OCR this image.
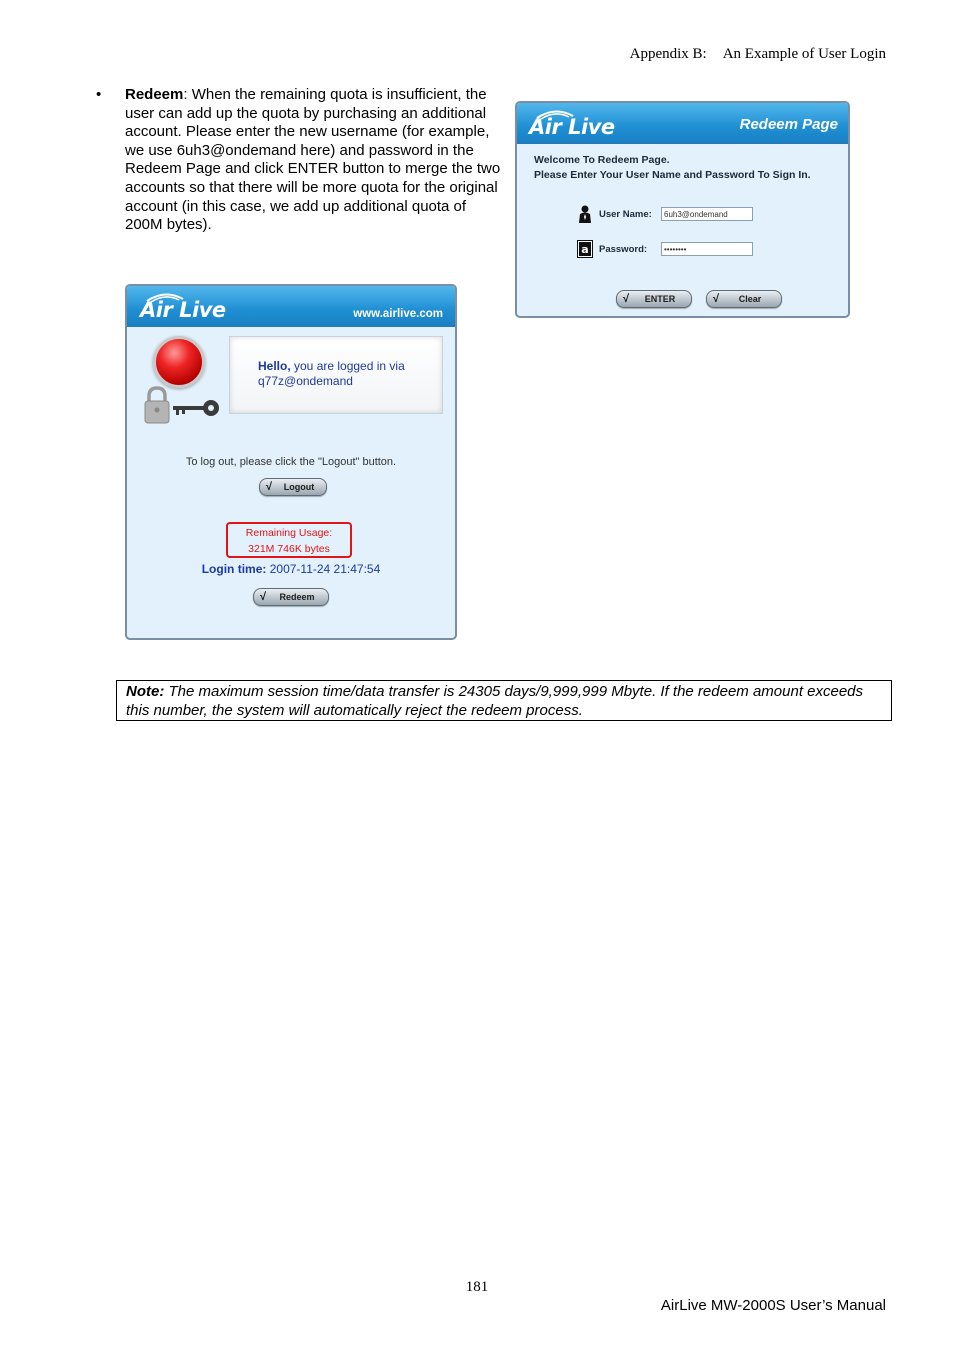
Appendix B: An Example of User Login
• Redeem: When the remaining quota is insufficient, the user can add up the quota by purchasing an additional account. Please enter the new username (for example, we use 6uh3@ondemand here) and password in the Redeem Page and click ENTER button to merge the two accounts so that there will be more quota for the original account (in this case, we add up additional quota of 200M bytes).
Air Live	Redeem Page
Welcome To Redeem Page.
Please Enter Your User Name and Password To Sign In.
User Name:	6uh3@ondemand
a Password:	••••••••
√ ENTER	√ Clear
Air Live	www.airlive.com
Hello, you are logged in via
q77z@ondemand
To log out, please click the "Logout" button.
√ Logout
Remaining Usage:
321M 746K bytes
Login time: 2007-11-24 21:47:54
√ Redeem
Note: The maximum session time/data transfer is 24305 days/9,999,999 Mbyte. If the redeem amount exceeds this number, the system will automatically reject the redeem process.
181
AirLive MW-2000S User’s Manual
